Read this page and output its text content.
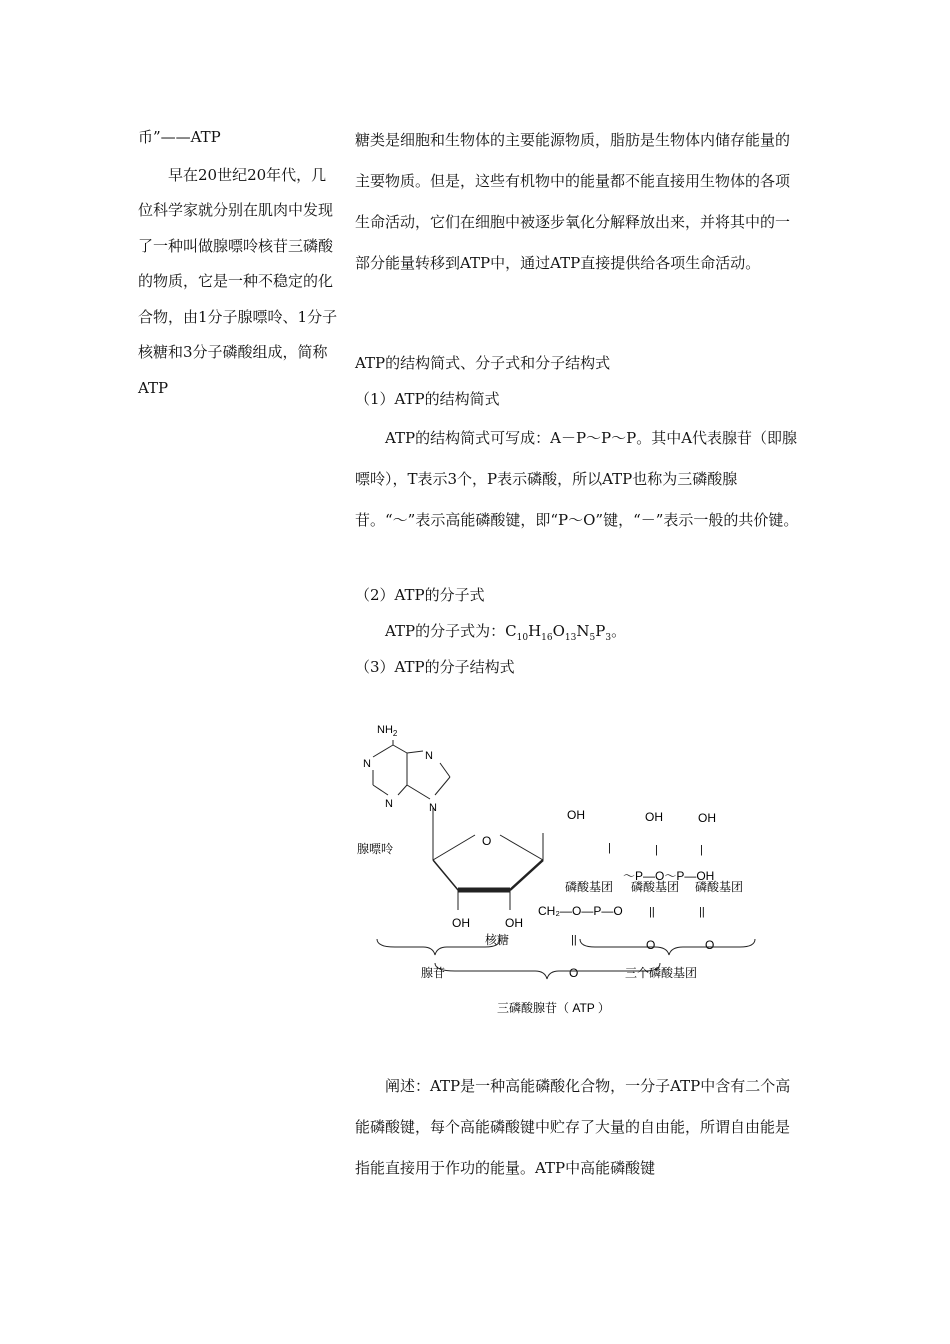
币”——ATP

早在20世纪20年代，几位科学家就分别在肌肉中发现了一种叫做腺嘌呤核苷三磷酸的物质，它是一种不稳定的化合物，由1分子腺嘌呤、1分子核糖和3分子磷酸组成，简称ATP

糖类是细胞和生物体的主要能源物质，脂肪是生物体内储存能量的主要物质。但是，这些有机物中的能量都不能直接用生物体的各项生命活动，它们在细胞中被逐步氧化分解释放出来，并将其中的一部分能量转移到ATP中，通过ATP直接提供给各项生命活动。

ATP的结构简式、分子式和分子结构式

（1）ATP的结构简式

ATP的结构简式可写成：A－P～P～P。其中A代表腺苷（即腺嘌呤），T表示3个，P表示磷酸，所以ATP也称为三磷酸腺苷。“～”表示高能磷酸键，即“P～O”键，“－”表示一般的共价键。

（2）ATP的分子式

ATP的分子式为：$C_{10}H_{16}O_{13}N_5P_3$。

（3）ATP的分子结构式

$NH_2$
N
N
N	N
腺嘌呤
O
OH	OH
核糖
CH₂—O—P—O
OH	OH	OH
|	|	|
～P—O～P—OH
磷酸基团 磷酸基团 磷酸基团
||	||
||	O	O
O
腺苷	三个磷酸基团
三磷酸腺苷（ ATP ）

阐述：ATP是一种高能磷酸化合物，一分子ATP中含有二个高能磷酸键，每个高能磷酸键中贮存了大量的自由能，所谓自由能是指能直接用于作功的能量。ATP中高能磷酸键
